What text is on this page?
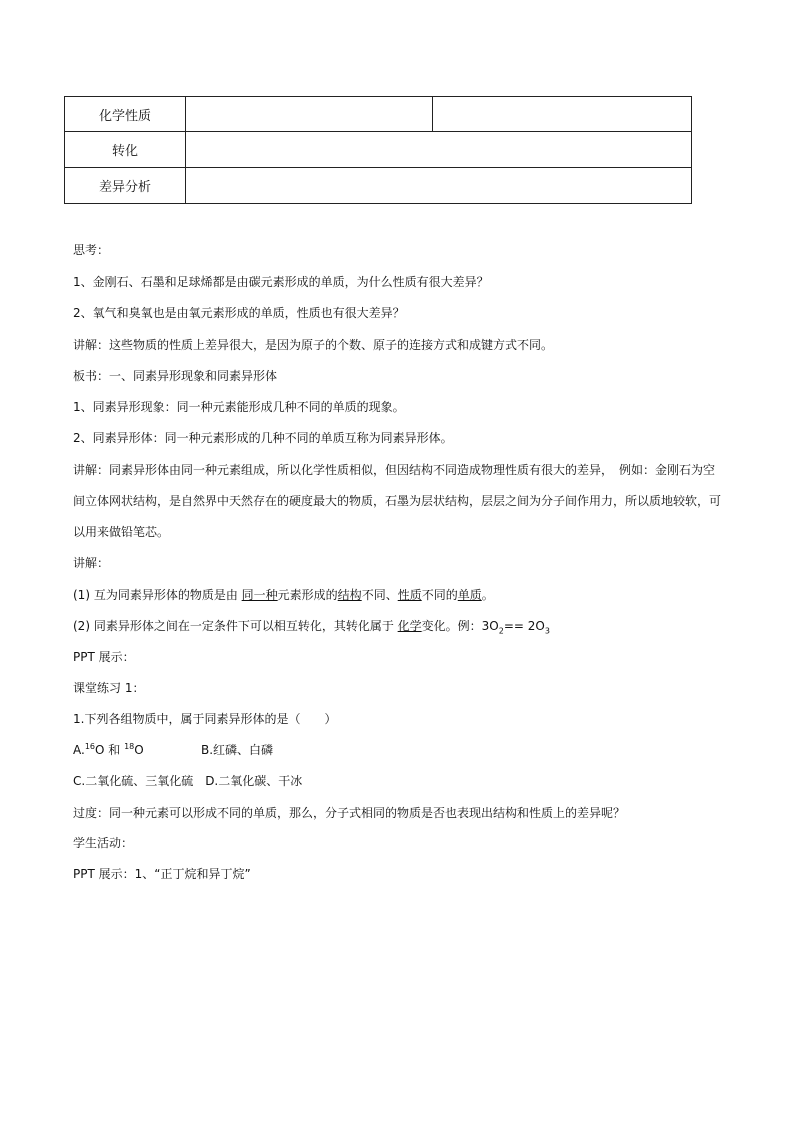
化学性质		
转化		
差异分析		
思考：
1、金刚石、石墨和足球烯都是由碳元素形成的单质，为什么性质有很大差异？
2、氧气和臭氧也是由氧元素形成的单质，性质也有很大差异？
讲解：这些物质的性质上差异很大，是因为原子的个数、原子的连接方式和成键方式不同。
板书：一、同素异形现象和同素异形体
1、同素异形现象：同一种元素能形成几种不同的单质的现象。
2、同素异形体：同一种元素形成的几种不同的单质互称为同素异形体。
讲解：同素异形体由同一种元素组成，所以化学性质相似，但因结构不同造成物理性质有很大的差异，　例如：金刚石为空间立体网状结构，是自然界中天然存在的硬度最大的物质，石墨为层状结构，层层之间为分子间作用力，所以质地较软，可以用来做铅笔芯。
讲解：
(1) 互为同素异形体的物质是由 同一种元素形成的结构不同、性质不同的单质。
(2) 同素异形体之间在一定条件下可以相互转化，其转化属于 化学变化。例：$3O_2== 2O_3$
PPT 展示：
课堂练习 1：
1.下列各组物质中，属于同素异形体的是（　　）
A.$^{16}$O 和 $^{18}$O	B.红磷、白磷
C.二氧化硫、三氧化硫　D.二氧化碳、干冰
过度：同一种元素可以形成不同的单质，那么，分子式相同的物质是否也表现出结构和性质上的差异呢？
学生活动：
PPT 展示：1、“正丁烷和异丁烷”
